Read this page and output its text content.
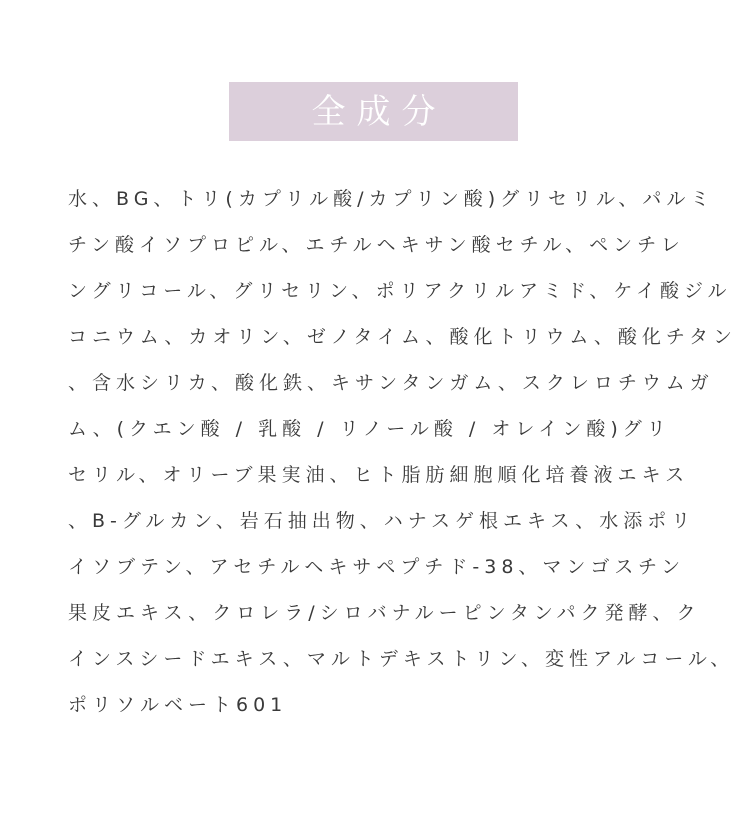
全成分
水、BG、トリ(カプリル酸/カプリン酸)グリセリル、パルミ
チン酸イソプロピル、エチルヘキサン酸セチル、ペンチレ
ングリコール、グリセリン、ポリアクリルアミド、ケイ酸ジル
コニウム、カオリン、ゼノタイム、酸化トリウム、酸化チタン
、含水シリカ、酸化鉄、キサンタンガム、スクレロチウムガ
ム、(クエン酸 / 乳酸 / リノール酸 / オレイン酸)グリ
セリル、オリーブ果実油、ヒト脂肪細胞順化培養液エキス
、B-グルカン、岩石抽出物、ハナスゲ根エキス、水添ポリ
イソブテン、アセチルヘキサペプチド-38、マンゴスチン
果皮エキス、クロレラ/シロバナルーピンタンパク発酵、ク
インスシードエキス、マルトデキストリン、変性アルコール、
ポリソルベート601
